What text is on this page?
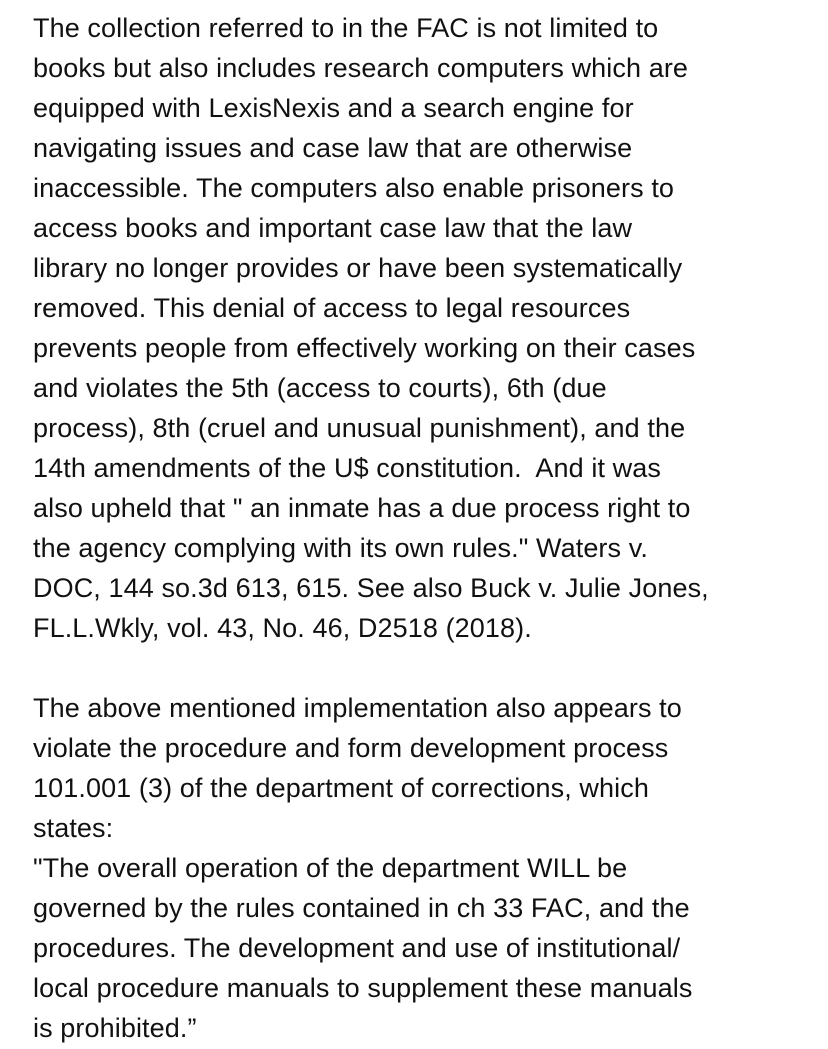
The collection referred to in the FAC is not limited to
books but also includes research computers which are
equipped with LexisNexis and a search engine for
navigating issues and case law that are otherwise
inaccessible. The computers also enable prisoners to
access books and important case law that the law
library no longer provides or have been systematically
removed. This denial of access to legal resources
prevents people from effectively working on their cases
and violates the 5th (access to courts), 6th (due
process), 8th (cruel and unusual punishment), and the
14th amendments of the U$ constitution.  And it was
also upheld that " an inmate has a due process right to
the agency complying with its own rules." Waters v.
DOC, 144 so.3d 613, 615. See also Buck v. Julie Jones,
FL.L.Wkly, vol. 43, No. 46, D2518 (2018).
The above mentioned implementation also appears to
violate the procedure and form development process
101.001 (3) of the department of corrections, which
states:
"The overall operation of the department WILL be
governed by the rules contained in ch 33 FAC, and the
procedures. The development and use of institutional/
local procedure manuals to supplement these manuals
is prohibited.”
